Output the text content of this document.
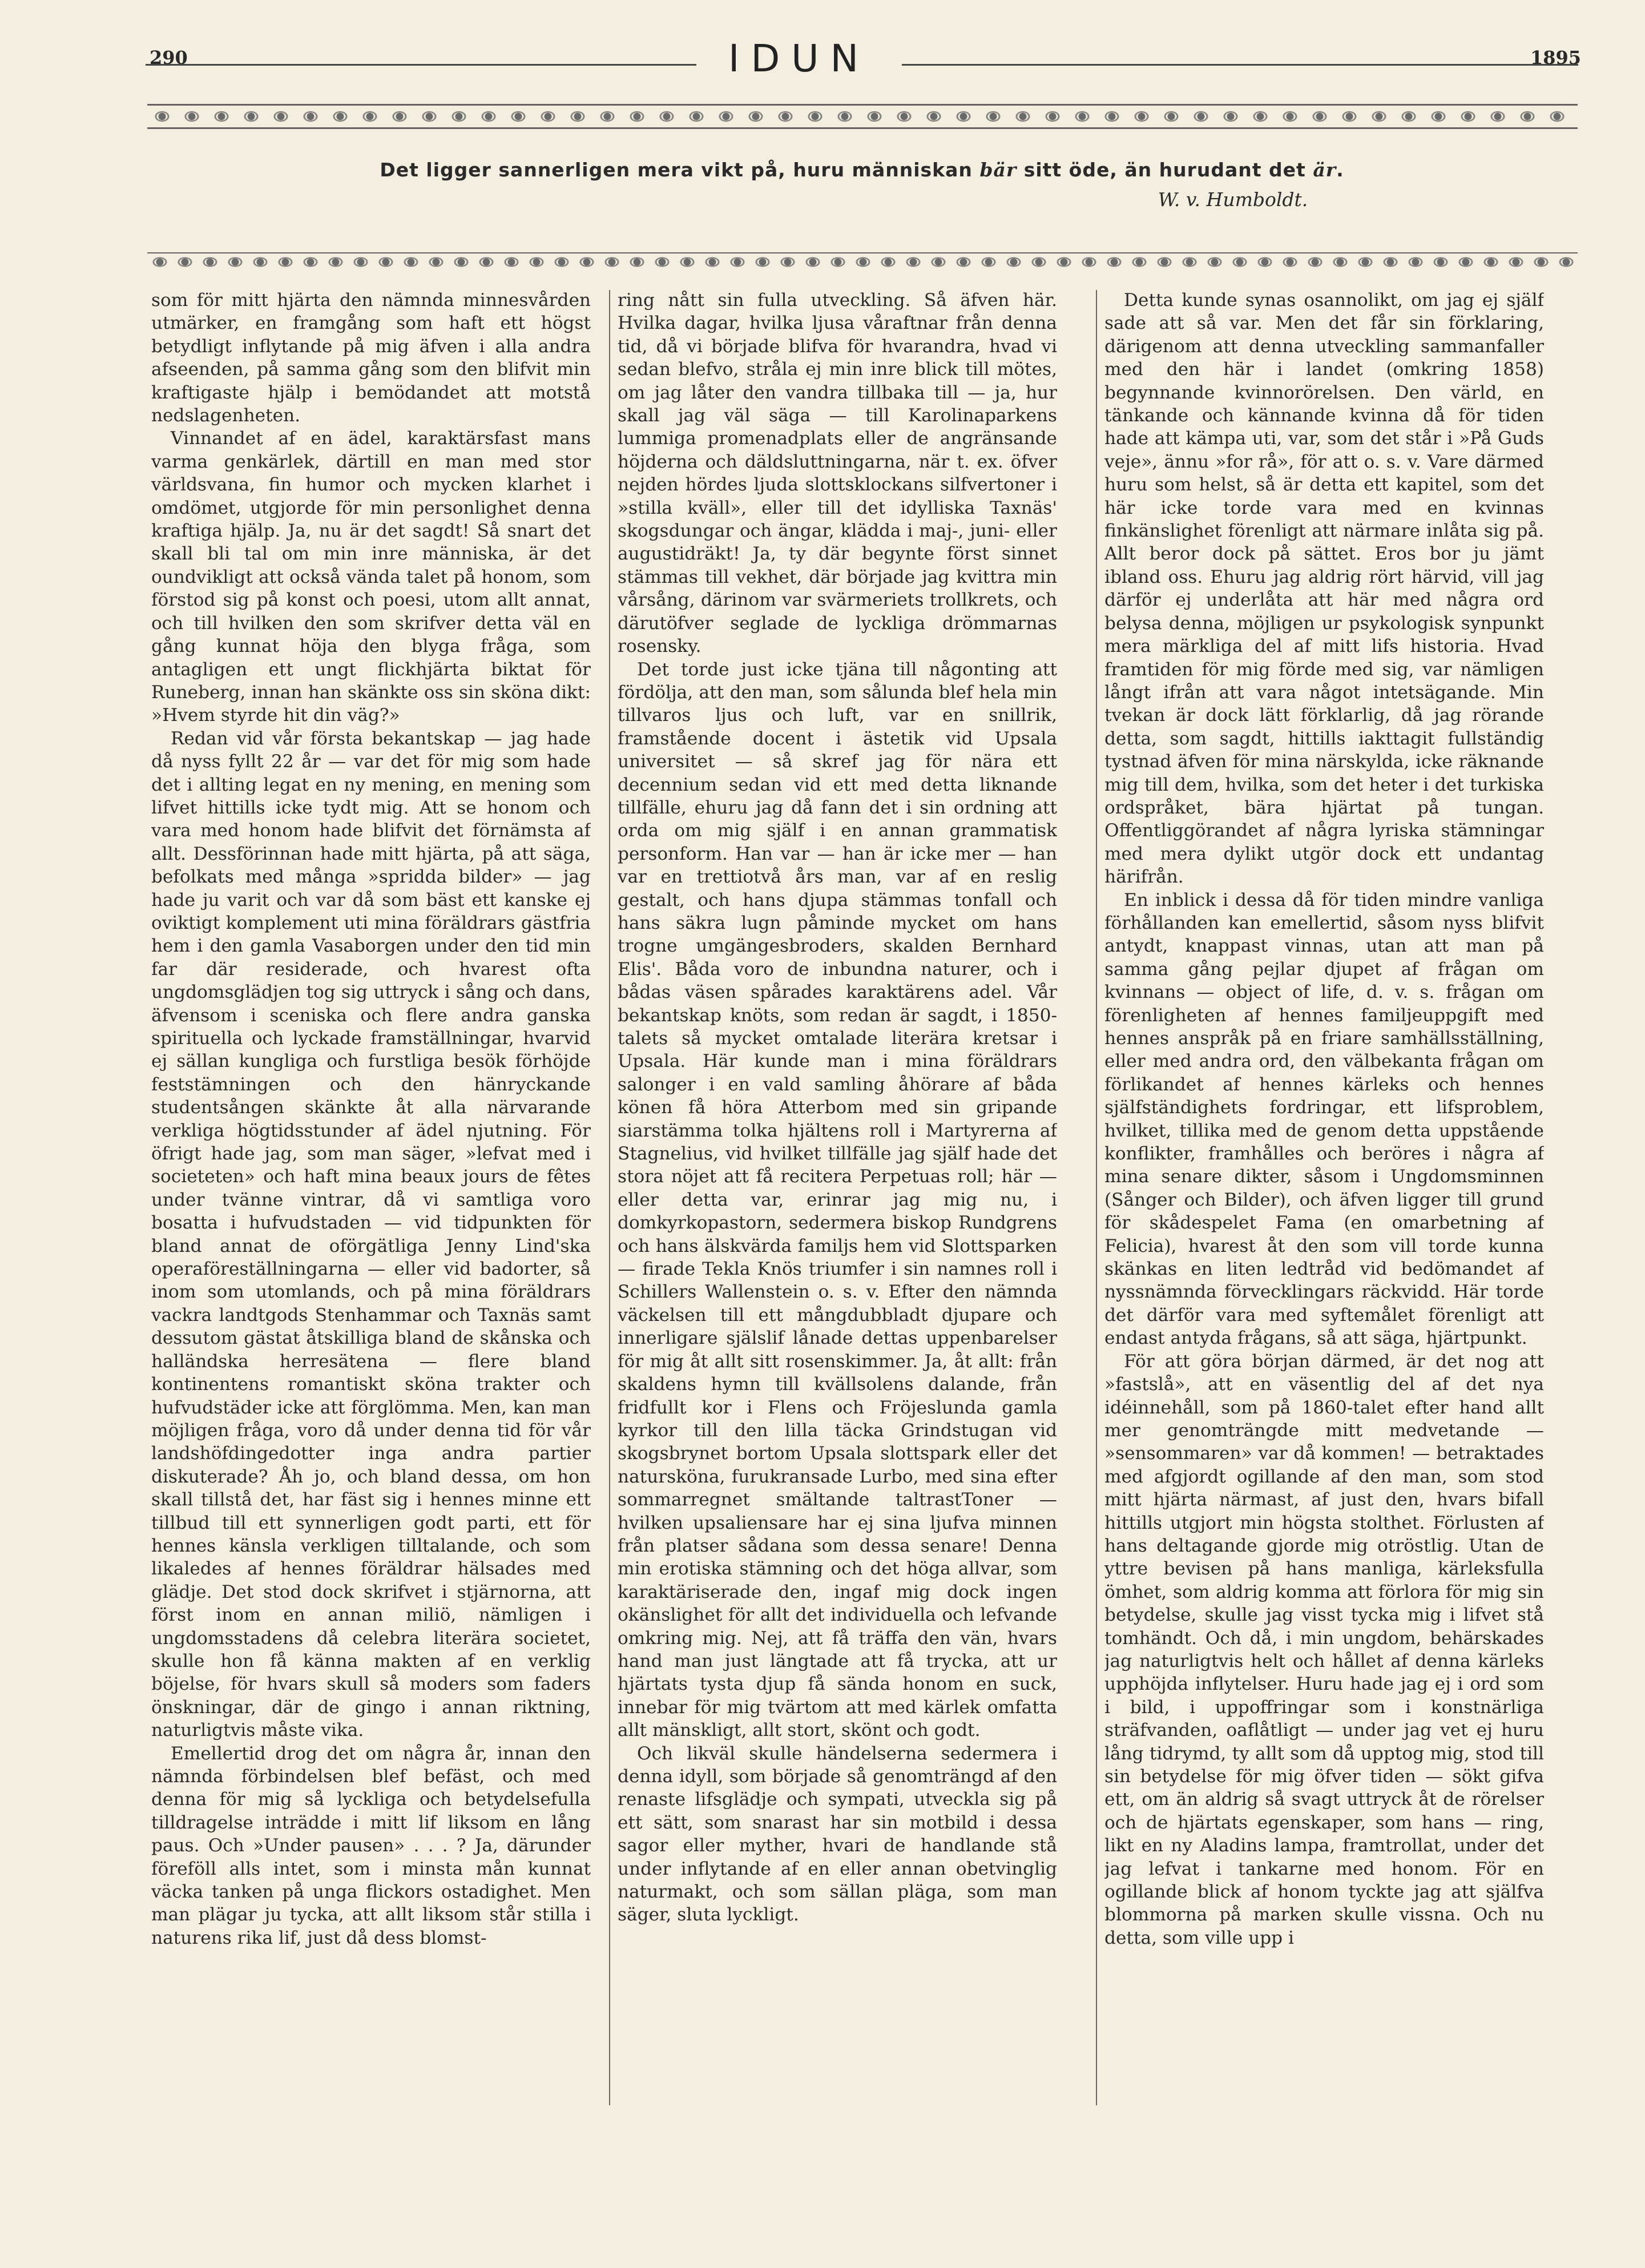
290	IDUN	1895
Det ligger sannerligen mera vikt på, huru människan bär sitt öde, än hurudant det är.
W. v. Humboldt.

som för mitt hjärta den nämnda minnesvården utmärker, en framgång som haft ett högst betydligt inflytande på mig äfven i alla andra afseenden, på samma gång som den blifvit min kraftigaste hjälp i bemödandet att motstå nedslagenheten.

Vinnandet af en ädel, karaktärsfast mans varma genkärlek, därtill en man med stor världsvana, fin humor och mycken klarhet i omdömet, utgjorde för min personlighet denna kraftiga hjälp. Ja, nu är det sagdt! Så snart det skall bli tal om min inre människa, är det oundvikligt att också vända talet på honom, som förstod sig på konst och poesi, utom allt annat, och till hvilken den som skrifver detta väl en gång kunnat höja den blyga fråga, som antagligen ett ungt flickhjärta biktat för Runeberg, innan han skänkte oss sin sköna dikt: »Hvem styrde hit din väg?»

Redan vid vår första bekantskap — jag hade då nyss fyllt 22 år — var det för mig som hade det i allting legat en ny mening, en mening som lifvet hittills icke tydt mig. Att se honom och vara med honom hade blifvit det förnämsta af allt. Dessförinnan hade mitt hjärta, på att säga, befolkats med många »spridda bilder» — jag hade ju varit och var då som bäst ett kanske ej oviktigt komplement uti mina föräldrars gästfria hem i den gamla Vasaborgen under den tid min far där residerade, och hvarest ofta ungdomsglädjen tog sig uttryck i sång och dans, äfvensom i sceniska och flere andra ganska spirituella och lyckade framställningar, hvarvid ej sällan kungliga och furstliga besök förhöjde feststämningen och den hänryckande studentsången skänkte åt alla närvarande verkliga högtidsstunder af ädel njutning. För öfrigt hade jag, som man säger, »lefvat med i societeten» och haft mina beaux jours de fêtes under tvänne vintrar, då vi samtliga voro bosatta i hufvudstaden — vid tidpunkten för bland annat de oförgätliga Jenny Lind'ska operaföreställningarna — eller vid badorter, så inom som utomlands, och på mina föräldrars vackra landtgods Stenhammar och Taxnäs samt dessutom gästat åtskilliga bland de skånska och halländska herresätena — flere bland kontinentens romantiskt sköna trakter och hufvudstäder icke att förglömma. Men, kan man möjligen fråga, voro då under denna tid för vår landshöfdingedotter inga andra partier diskuterade? Åh jo, och bland dessa, om hon skall tillstå det, har fäst sig i hennes minne ett tillbud till ett synnerligen godt parti, ett för hennes känsla verkligen tilltalande, och som likaledes af hennes föräldrar hälsades med glädje. Det stod dock skrifvet i stjärnorna, att först inom en annan miliö, nämligen i ungdomsstadens då celebra literära societet, skulle hon få känna makten af en verklig böjelse, för hvars skull så moders som faders önskningar, där de gingo i annan riktning, naturligtvis måste vika.

Emellertid drog det om några år, innan den nämnda förbindelsen blef befäst, och med denna för mig så lyckliga och betydelsefulla tilldragelse inträdde i mitt lif liksom en lång paus. Och »Under pausen» . . . ? Ja, därunder föreföll alls intet, som i minsta mån kunnat väcka tanken på unga flickors ostadighet. Men man plägar ju tycka, att allt liksom står stilla i naturens rika lif, just då dess blomst-

ring nått sin fulla utveckling. Så äfven här. Hvilka dagar, hvilka ljusa våraftnar från denna tid, då vi började blifva för hvarandra, hvad vi sedan blefvo, stråla ej min inre blick till mötes, om jag låter den vandra tillbaka till — ja, hur skall jag väl säga — till Karolinaparkens lummiga promenadplats eller de angränsande höjderna och däldsluttningarna, när t. ex. öfver nejden hördes ljuda slottsklockans silfvertoner i »stilla kväll», eller till det idylliska Taxnäs' skogsdungar och ängar, klädda i maj-, juni- eller augustidräkt! Ja, ty där begynte först sinnet stämmas till vekhet, där började jag kvittra min vårsång, därinom var svärmeriets trollkrets, och därutöfver seglade de lyckliga drömmarnas rosensky.

Det torde just icke tjäna till någonting att fördölja, att den man, som sålunda blef hela min tillvaros ljus och luft, var en snillrik, framstående docent i ästetik vid Upsala universitet — så skref jag för nära ett decennium sedan vid ett med detta liknande tillfälle, ehuru jag då fann det i sin ordning att orda om mig själf i en annan grammatisk personform. Han var — han är icke mer — han var en trettiotvå års man, var af en reslig gestalt, och hans djupa stämmas tonfall och hans säkra lugn påminde mycket om hans trogne umgängesbroders, skalden Bernhard Elis'. Båda voro de inbundna naturer, och i bådas väsen spårades karaktärens adel. Vår bekantskap knöts, som redan är sagdt, i 1850-talets så mycket omtalade literära kretsar i Upsala. Här kunde man i mina föräldrars salonger i en vald samling åhörare af båda könen få höra Atterbom med sin gripande siarstämma tolka hjältens roll i Martyrerna af Stagnelius, vid hvilket tillfälle jag själf hade det stora nöjet att få recitera Perpetuas roll; här — eller detta var, erinrar jag mig nu, i domkyrkopastorn, sedermera biskop Rundgrens och hans älskvärda familjs hem vid Slottsparken — firade Tekla Knös triumfer i sin namnes roll i Schillers Wallenstein o. s. v. Efter den nämnda väckelsen till ett mångdubbladt djupare och innerligare själslif lånade dettas uppenbarelser för mig åt allt sitt rosenskimmer. Ja, åt allt: från skaldens hymn till kvällsolens dalande, från fridfullt kor i Flens och Fröjeslunda gamla kyrkor till den lilla täcka Grindstugan vid skogsbrynet bortom Upsala slottspark eller det natursköna, furukransade Lurbo, med sina efter sommarregnet smältande taltrastToner — hvilken upsaliensare har ej sina ljufva minnen från platser sådana som dessa senare! Denna min erotiska stämning och det höga allvar, som karaktäriserade den, ingaf mig dock ingen okänslighet för allt det individuella och lefvande omkring mig. Nej, att få träffa den vän, hvars hand man just längtade att få trycka, att ur hjärtats tysta djup få sända honom en suck, innebar för mig tvärtom att med kärlek omfatta allt mänskligt, allt stort, skönt och godt.

Och likväl skulle händelserna sedermera i denna idyll, som började så genomträngd af den renaste lifsglädje och sympati, utveckla sig på ett sätt, som snarast har sin motbild i dessa sagor eller myther, hvari de handlande stå under inflytande af en eller annan obetvinglig naturmakt, och som sällan pläga, som man säger, sluta lyckligt.

Detta kunde synas osannolikt, om jag ej själf sade att så var. Men det får sin förklaring, därigenom att denna utveckling sammanfaller med den här i landet (omkring 1858) begynnande kvinnorörelsen. Den värld, en tänkande och kännande kvinna då för tiden hade att kämpa uti, var, som det står i »På Guds veje», ännu »for rå», för att o. s. v. Vare därmed huru som helst, så är detta ett kapitel, som det här icke torde vara med en kvinnas finkänslighet förenligt att närmare inlåta sig på. Allt beror dock på sättet. Eros bor ju jämt ibland oss. Ehuru jag aldrig rört härvid, vill jag därför ej underlåta att här med några ord belysa denna, möjligen ur psykologisk synpunkt mera märkliga del af mitt lifs historia. Hvad framtiden för mig förde med sig, var nämligen långt ifrån att vara något intetsägande. Min tvekan är dock lätt förklarlig, då jag rörande detta, som sagdt, hittills iakttagit fullständig tystnad äfven för mina närskylda, icke räknande mig till dem, hvilka, som det heter i det turkiska ordspråket, bära hjärtat på tungan. Offentliggörandet af några lyriska stämningar med mera dylikt utgör dock ett undantag härifrån.

En inblick i dessa då för tiden mindre vanliga förhållanden kan emellertid, såsom nyss blifvit antydt, knappast vinnas, utan att man på samma gång pejlar djupet af frågan om kvinnans — object of life, d. v. s. frågan om förenligheten af hennes familjeuppgift med hennes anspråk på en friare samhällsställning, eller med andra ord, den välbekanta frågan om förlikandet af hennes kärleks och hennes själfständighets fordringar, ett lifsproblem, hvilket, tillika med de genom detta uppstående konflikter, framhålles och beröres i några af mina senare dikter, såsom i Ungdomsminnen (Sånger och Bilder), och äfven ligger till grund för skådespelet Fama (en omarbetning af Felicia), hvarest åt den som vill torde kunna skänkas en liten ledtråd vid bedömandet af nyssnämnda förvecklingars räckvidd. Här torde det därför vara med syftemålet förenligt att endast antyda frågans, så att säga, hjärtpunkt.

För att göra början därmed, är det nog att »fastslå», att en väsentlig del af det nya idéinnehåll, som på 1860-talet efter hand allt mer genomträngde mitt medvetande — »sensommaren» var då kommen! — betraktades med afgjordt ogillande af den man, som stod mitt hjärta närmast, af just den, hvars bifall hittills utgjort min högsta stolthet. Förlusten af hans deltagande gjorde mig otröstlig. Utan de yttre bevisen på hans manliga, kärleksfulla ömhet, som aldrig komma att förlora för mig sin betydelse, skulle jag visst tycka mig i lifvet stå tomhändt. Och då, i min ungdom, behärskades jag naturligtvis helt och hållet af denna kärleks upphöjda inflytelser. Huru hade jag ej i ord som i bild, i uppoffringar som i konstnärliga sträfvanden, oaflåtligt — under jag vet ej huru lång tidrymd, ty allt som då upptog mig, stod till sin betydelse för mig öfver tiden — sökt gifva ett, om än aldrig så svagt uttryck åt de rörelser och de hjärtats egenskaper, som hans — ring, likt en ny Aladins lampa, framtrollat, under det jag lefvat i tankarne med honom. För en ogillande blick af honom tyckte jag att själfva blommorna på marken skulle vissna. Och nu detta, som ville upp i
